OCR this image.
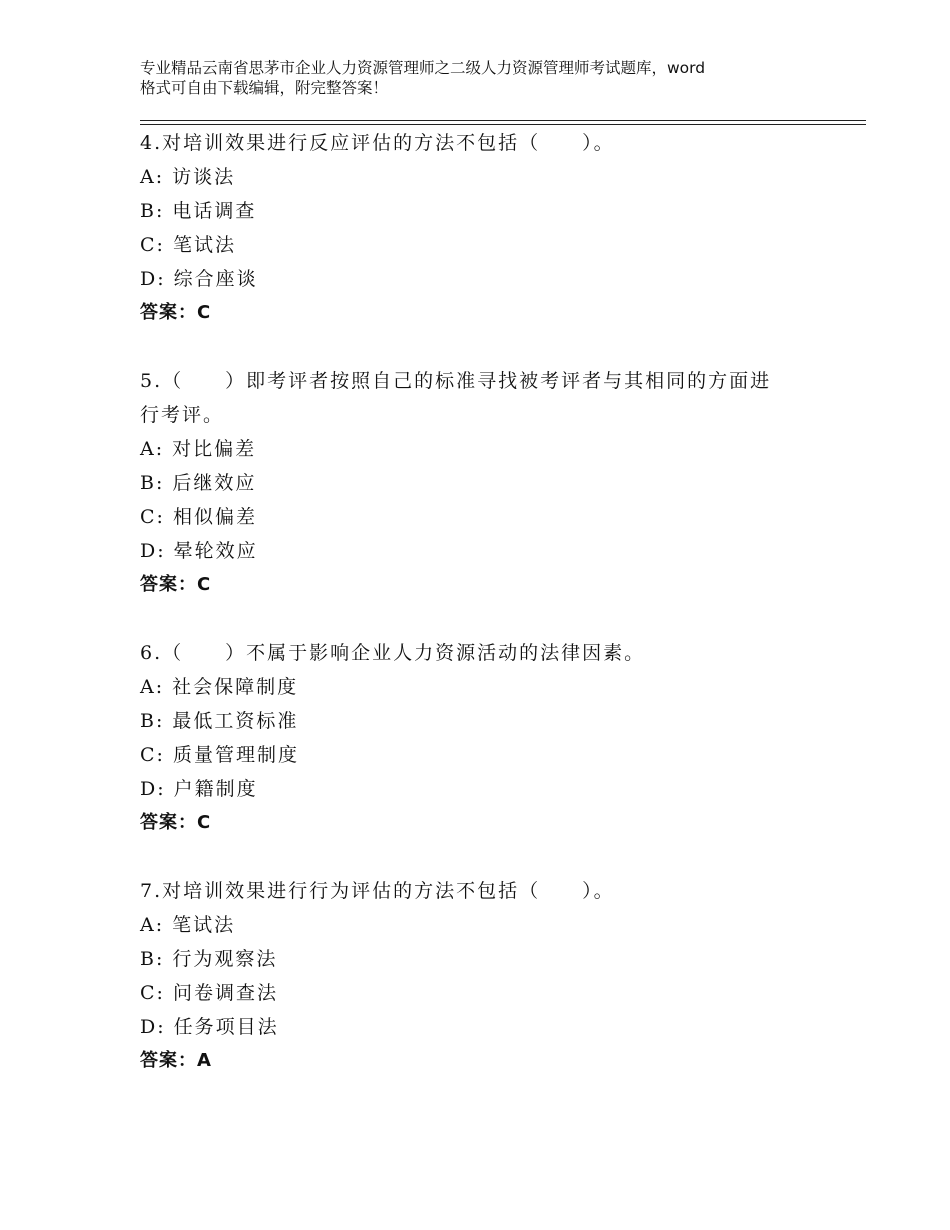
专业精品云南省思茅市企业人力资源管理师之二级人力资源管理师考试题库，word
格式可自由下载编辑，附完整答案！
4.对培训效果进行反应评估的方法不包括（　　）。
A: 访谈法
B: 电话调查
C: 笔试法
D: 综合座谈
答案：C
5.（　　）即考评者按照自己的标准寻找被考评者与其相同的方面进
行考评。
A: 对比偏差
B: 后继效应
C: 相似偏差
D: 晕轮效应
答案：C
6.（　　）不属于影响企业人力资源活动的法律因素。
A: 社会保障制度
B: 最低工资标准
C: 质量管理制度
D: 户籍制度
答案：C
7.对培训效果进行行为评估的方法不包括（　　）。
A: 笔试法
B: 行为观察法
C: 问卷调查法
D: 任务项目法
答案：A
